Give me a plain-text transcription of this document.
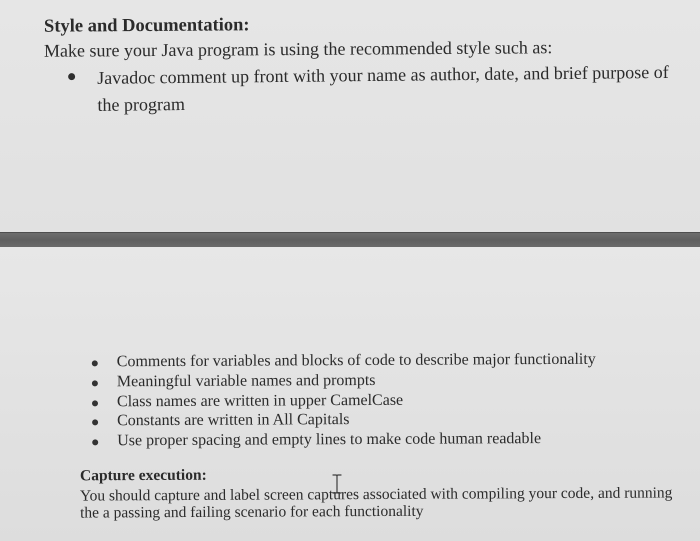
Style and Documentation:
Make sure your Java program is using the recommended style such as:
Javadoc comment up front with your name as author, date, and brief purpose of the program
Comments for variables and blocks of code to describe major functionality
Meaningful variable names and prompts
Class names are written in upper CamelCase
Constants are written in All Capitals
Use proper spacing and empty lines to make code human readable
Capture execution:
You should capture and label screen captures associated with compiling your code, and running the a passing and failing scenario for each functionality
